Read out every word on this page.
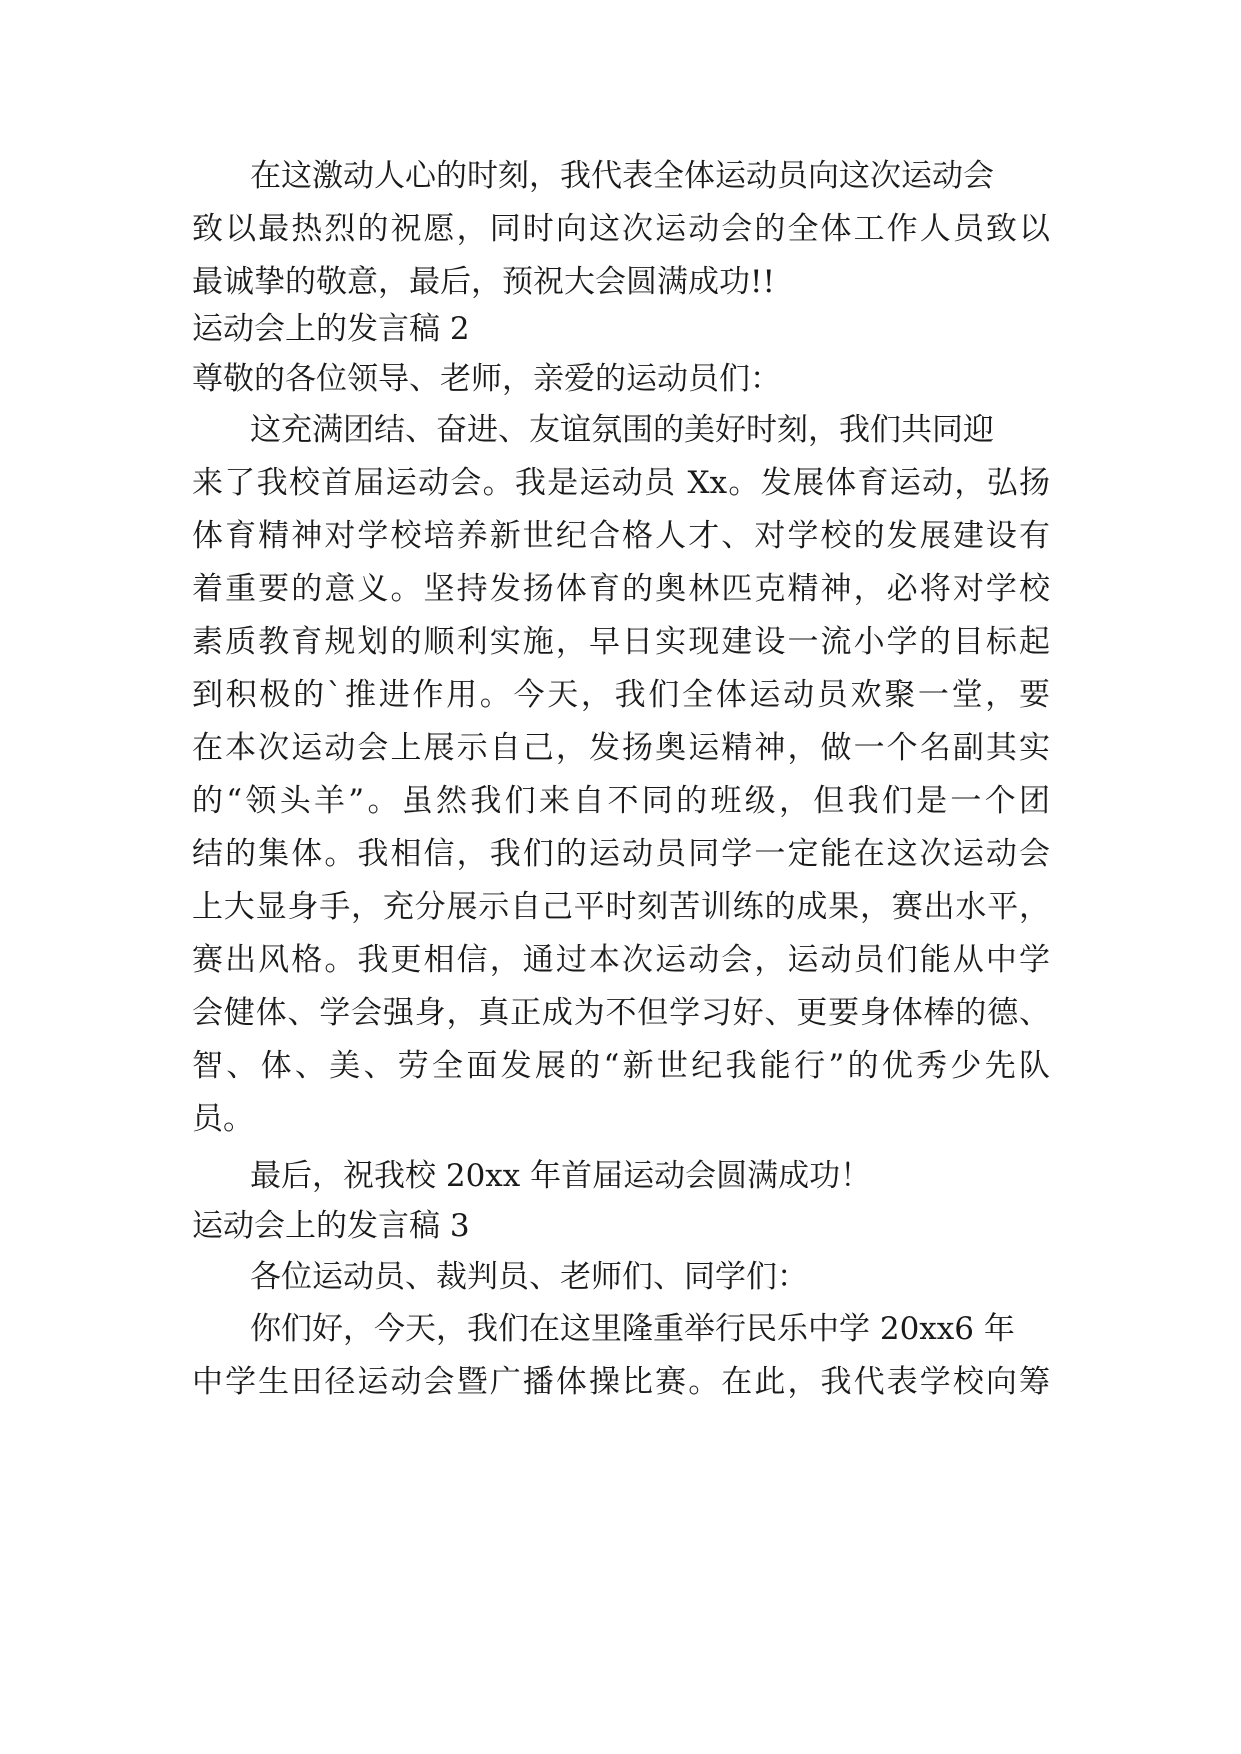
在这激动人心的时刻，我代表全体运动员向这次运动会
致以最热烈的祝愿，同时向这次运动会的全体工作人员致以
最诚挚的敬意，最后，预祝大会圆满成功!!
运动会上的发言稿 2
尊敬的各位领导、老师，亲爱的运动员们：
这充满团结、奋进、友谊氛围的美好时刻，我们共同迎
来了我校首届运动会。我是运动员 Xx。发展体育运动，弘扬
体育精神对学校培养新世纪合格人才、对学校的发展建设有
着重要的意义。坚持发扬体育的奥林匹克精神，必将对学校
素质教育规划的顺利实施，早日实现建设一流小学的目标起
到积极的`推进作用。今天，我们全体运动员欢聚一堂，要
在本次运动会上展示自己，发扬奥运精神，做一个名副其实
的“领头羊”。虽然我们来自不同的班级，但我们是一个团
结的集体。我相信，我们的运动员同学一定能在这次运动会
上大显身手，充分展示自己平时刻苦训练的成果，赛出水平，
赛出风格。我更相信，通过本次运动会，运动员们能从中学
会健体、学会强身，真正成为不但学习好、更要身体棒的德、
智、体、美、劳全面发展的“新世纪我能行”的优秀少先队
员。
最后，祝我校 20xx 年首届运动会圆满成功！
运动会上的发言稿 3
各位运动员、裁判员、老师们、同学们：
你们好，今天，我们在这里隆重举行民乐中学 20xx6 年
中学生田径运动会暨广播体操比赛。在此，我代表学校向筹
